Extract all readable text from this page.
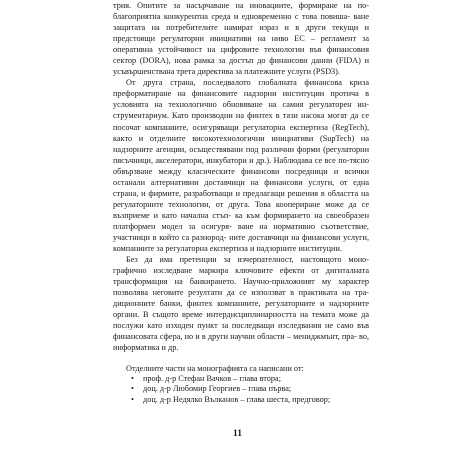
трия. Опитите за насърчаване на иновациите, формиране на по- благоприятна конкурентна среда и едновременно с това повиша- ване защитата на потребителите намират израз и в други текущи и предстоящи регулаторни инициативи на ниво ЕС – регламент за оперативна устойчивост на цифровите технологии във финансовия сектор (DORA), нова рамка за достъп до финансови данни (FIDA) и усъвършенствана трета директива за платежните услуги (PSD3).

От друга страна, последвалото глобалната финансова криза преформатиране на финансовите надзорни институции протича в условията на технологично обновяване на самия регулаторен ин- струментариум. Като производни на финтех в тази насока могат да се посочат компаниите, осигуряващи регулаторна експертиза (RegTech), както и отделните високотехнологични инициативи (SupTech) на надзорните агенции, осъществявани под различни форми (регулаторни пясъчници, акселератори, инкубатори и др.). Наблюдава се все по-тясно обвързване между класическите финансови посредници и всички останали алтернативни доставчици на финансови услуги, от една страна, и фирмите, разработващи и предлагащи решения в областта на регулаторните технологии, от друга. Това коопериране може да се възприеме и като начална стъп- ка към формирането на своеобразен платформен модел за осигуря- ване на нормативно съответствие, участници в който са разнород- ните доставчици на финансови услуги, компаниите за регулаторна експертиза и надзорните институции.

Без да има претенции за изчерпателност, настоящото моно- графично изследване маркира ключовите ефекти от дигиталната трансформация на банкирането. Научно-приложният му характер позволява неговите резултати да се използват в практиката на тра- диционните банки, финтех компаниите, регулаторните и надзорните органи. В същото време интердисциплинарността на темата може да послужи като изходен пункт за последващи изследвания не само във финансовата сфера, но и в други научни области – мениджмънт, пра- во, информатика и др.

Отделните части на монографията са написани от:

• проф. д-р Стефан Вачков – глава втора;
• доц. д-р Любомир Георгиев – глава първа;
• доц. д-р Недялко Вълканов – глава шеста, предговор;
11
